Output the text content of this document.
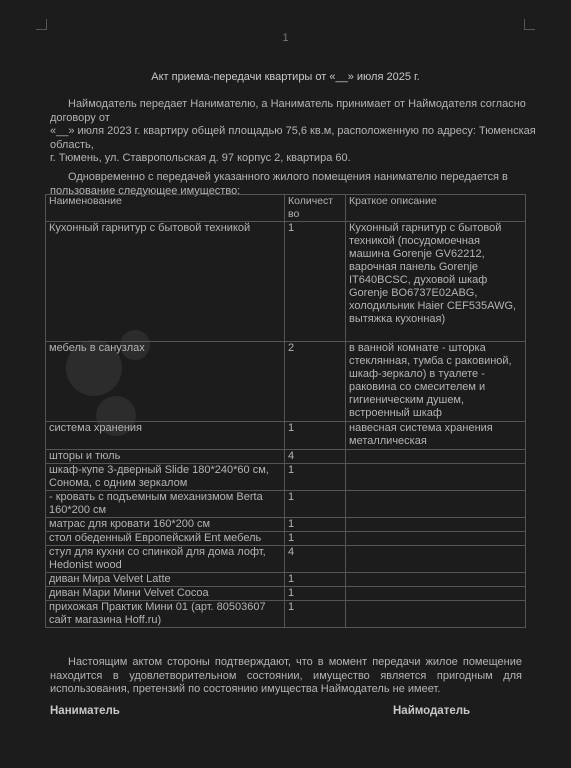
1
Акт приема-передачи квартиры от «__» июля 2025 г.
Наймодатель передает Нанимателю, а Наниматель принимает от Наймодателя согласно
договору от
«__» июля 2023 г. квартиру общей площадью 75,6 кв.м, расположенную по адресу: Тюменская
область,
г. Тюмень, ул. Ставропольская д. 97 корпус 2, квартира 60.
Одновременно с передачей указанного жилого помещения нанимателю передается в
пользование следующее имущество:
Наименование	Количест во	Краткое описание
Кухонный гарнитур с бытовой техникой	1	Кухонный гарнитур с бытовой техникой (посудомоечная машина Gorenje GV62212, варочная панель Gorenje IT640BCSC, духовой шкаф Gorenje BO6737E02ABG, холодильник Haier CEF535AWG, вытяжка кухонная)
мебель в санузлах	2	в ванной комнате - шторка стеклянная, тумба с раковиной, шкаф-зеркало) в туалете - раковина со смесителем и гигиеническим душем, встроенный шкаф
система хранения	1	навесная система хранения металлическая
шторы и тюль	4	
шкаф-купе 3-дверный Slide 180*240*60 см, Сонома, с одним зеркалом	1	
- кровать с подъемным механизмом Berta 160*200 см	1	
матрас для кровати 160*200 см	1	
стол обеденный Европейский Ent мебель	1	
стул для кухни со спинкой для дома лофт, Hedonist wood	4	
диван Мира Velvet Latte	1	
диван Мари Мини Velvet Cocoa	1	
прихожая Практик Мини 01 (арт. 80503607 сайт магазина Hoff.ru)	1	
Настоящим актом стороны подтверждают, что в момент передачи жилое помещение находится в удовлетворительном состоянии, имущество является пригодным для использования, претензий по состоянию имущества Наймодатель не имеет.
Наниматель	Наймодатель
